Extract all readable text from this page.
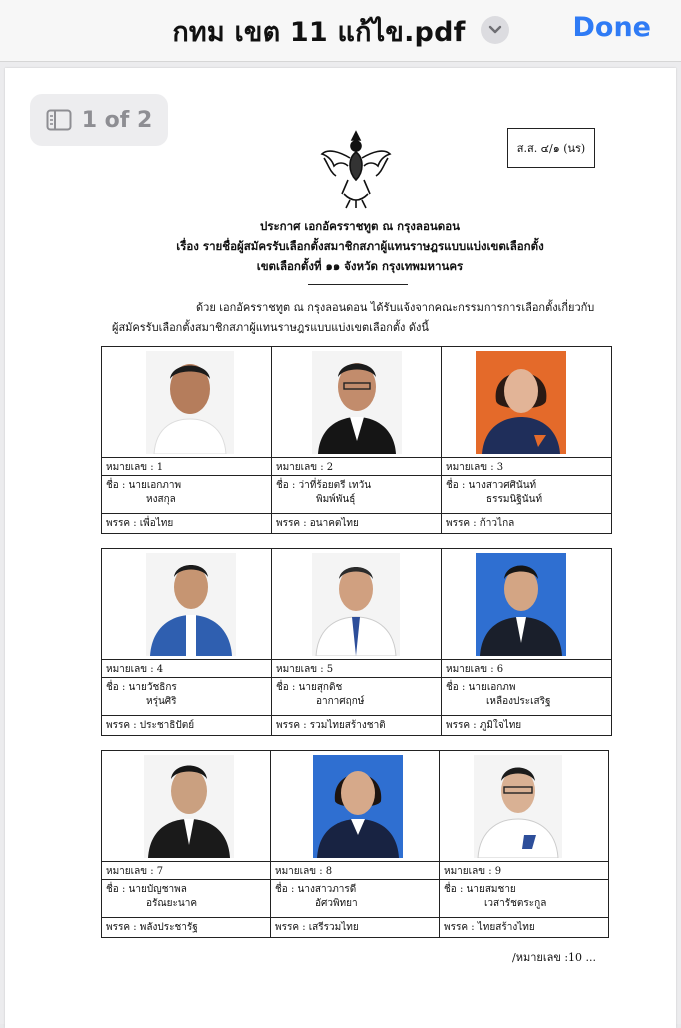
กทม เขต 11 แก้ไข.pdf	Done
1 of 2
ส.ส. ๔/๑ (นร)
ประกาศ เอกอัครราชทูต ณ กรุงลอนดอน
เรื่อง รายชื่อผู้สมัครรับเลือกตั้งสมาชิกสภาผู้แทนราษฎรแบบแบ่งเขตเลือกตั้ง
เขตเลือกตั้งที่ ๑๑ จังหวัด กรุงเทพมหานคร
ด้วย เอกอัครราชทูต ณ กรุงลอนดอน ได้รับแจ้งจากคณะกรรมการการเลือกตั้งเกี่ยวกับ
ผู้สมัครรับเลือกตั้งสมาชิกสภาผู้แทนราษฎรแบบแบ่งเขตเลือกตั้ง ดังนี้
หมายเลข : 1
ชื่อ : นายเอกภาพ
หงสกุล
พรรค : เพื่อไทย
หมายเลข : 2
ชื่อ : ว่าที่ร้อยตรี เทวัน
พิมพ์พันธุ์
พรรค : อนาคตไทย
หมายเลข : 3
ชื่อ : นางสาวศศินันท์
ธรรมนิฐินันท์
พรรค : ก้าวไกล
หมายเลข : 4
ชื่อ : นายวัชธิกร
หรุ่นศิริ
พรรค : ประชาธิปัตย์
หมายเลข : 5
ชื่อ : นายสุกดิช
อากาศฤกษ์
พรรค : รวมไทยสร้างชาติ
หมายเลข : 6
ชื่อ : นายเอกภพ
เหลืองประเสริฐ
พรรค : ภูมิใจไทย
หมายเลข : 7
ชื่อ : นายบัญชาพล
อรัณยะนาค
พรรค : พลังประชารัฐ
หมายเลข : 8
ชื่อ : นางสาวภารดี
อัศวพิทยา
พรรค : เสรีรวมไทย
หมายเลข : 9
ชื่อ : นายสมชาย
เวสารัชตระกูล
พรรค : ไทยสร้างไทย
/หมายเลข :10 ...
